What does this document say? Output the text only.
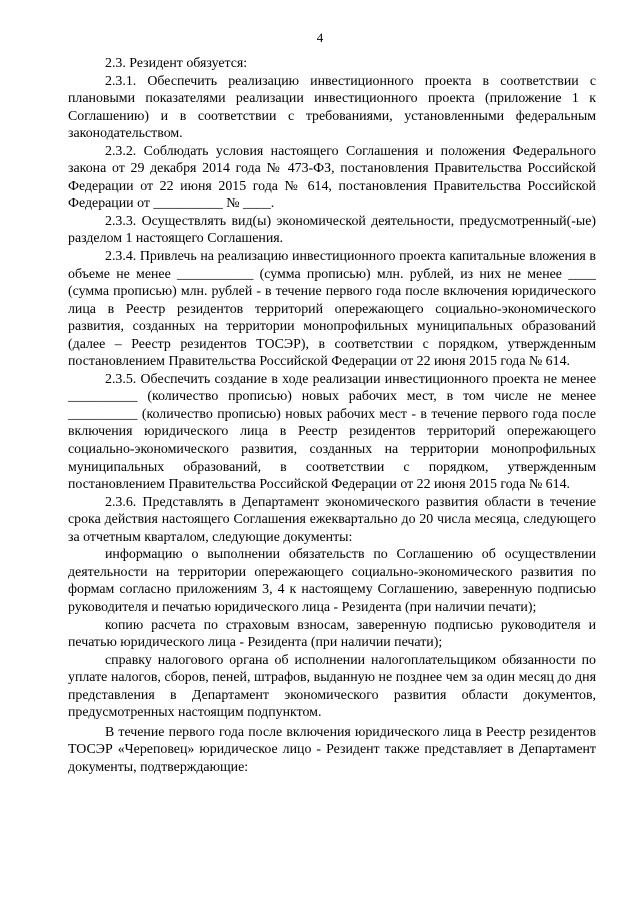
4

2.3. Резидент обязуется:

2.3.1. Обеспечить реализацию инвестиционного проекта в соответствии с плановыми показателями реализации инвестиционного проекта (приложение 1 к Соглашению) и в соответствии с требованиями, установленными федеральным законодательством.

2.3.2. Соблюдать условия настоящего Соглашения и положения Федерального закона от 29 декабря 2014 года № 473-ФЗ, постановления Правительства Российской Федерации от 22 июня 2015 года № 614, постановления Правительства Российской Федерации от __________ № ____.

2.3.3. Осуществлять вид(ы) экономической деятельности, предусмотренный(-ые) разделом 1 настоящего Соглашения.

2.3.4. Привлечь на реализацию инвестиционного проекта капитальные вложения в объеме не менее ___________ (сумма прописью) млн. рублей, из них не менее ____ (сумма прописью) млн. рублей - в течение первого года после включения юридического лица в Реестр резидентов территорий опережающего социально-экономического развития, созданных на территории монопрофильных муниципальных образований (далее – Реестр резидентов ТОСЭР), в соответствии с порядком, утвержденным постановлением Правительства Российской Федерации от 22 июня 2015 года № 614.

2.3.5. Обеспечить создание в ходе реализации инвестиционного проекта не менее __________ (количество прописью) новых рабочих мест, в том числе не менее __________ (количество прописью) новых рабочих мест - в течение первого года после включения юридического лица в Реестр резидентов территорий опережающего социально-экономического развития, созданных на территории монопрофильных муниципальных образований, в соответствии с порядком, утвержденным постановлением Правительства Российской Федерации от 22 июня 2015 года № 614.

2.3.6. Представлять в Департамент экономического развития области в течение срока действия настоящего Соглашения ежеквартально до 20 числа месяца, следующего за отчетным кварталом, следующие документы:

информацию о выполнении обязательств по Соглашению об осуществлении деятельности на территории опережающего социально-экономического развития по формам согласно приложениям 3, 4 к настоящему Соглашению, заверенную подписью руководителя и печатью юридического лица - Резидента (при наличии печати);

копию расчета по страховым взносам, заверенную подписью руководителя и печатью юридического лица - Резидента (при наличии печати);

справку налогового органа об исполнении налогоплательщиком обязанности по уплате налогов, сборов, пеней, штрафов, выданную не позднее чем за один месяц до дня представления в Департамент экономического развития области документов, предусмотренных настоящим подпунктом.

В течение первого года после включения юридического лица в Реестр резидентов ТОСЭР «Череповец» юридическое лицо - Резидент также представляет в Департамент документы, подтверждающие:
